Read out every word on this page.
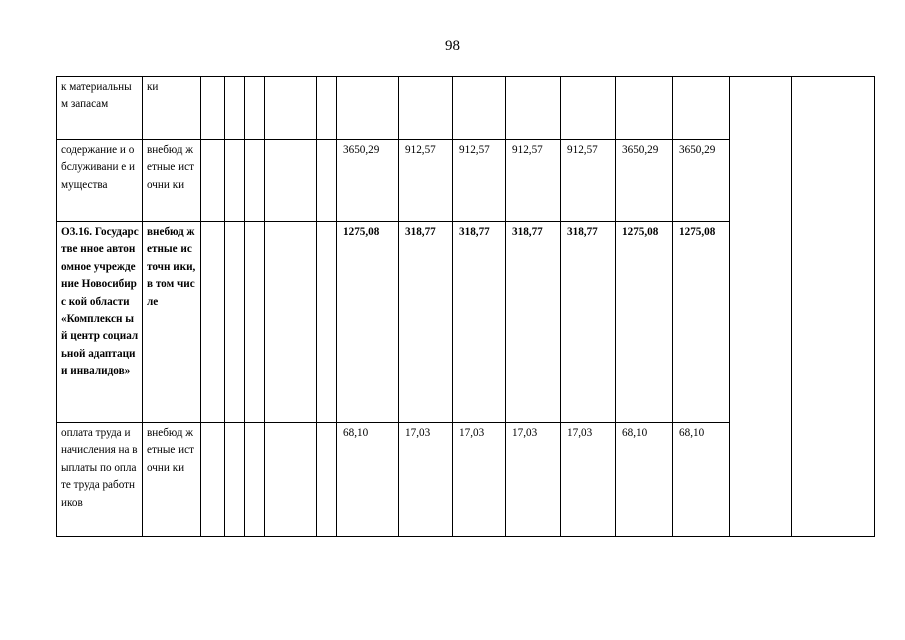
98
к материальны м запасам	ки														
содержание и обслуживани е имущества	внебюд жетные источни ки						3650,29	912,57	912,57	912,57	912,57	3650,29	3650,29		
О3.16. Государстве нное автономное учреждение Новосибирс кой области «Комплексн ый центр социальной адаптации инвалидов»	внебюд жетные источн ики, в том числе						1275,08	318,77	318,77	318,77	318,77	1275,08	1275,08		
оплата труда и начисления на выплаты по оплате труда работников	внебюд жетные источни ки						68,10	17,03	17,03	17,03	17,03	68,10	68,10		
